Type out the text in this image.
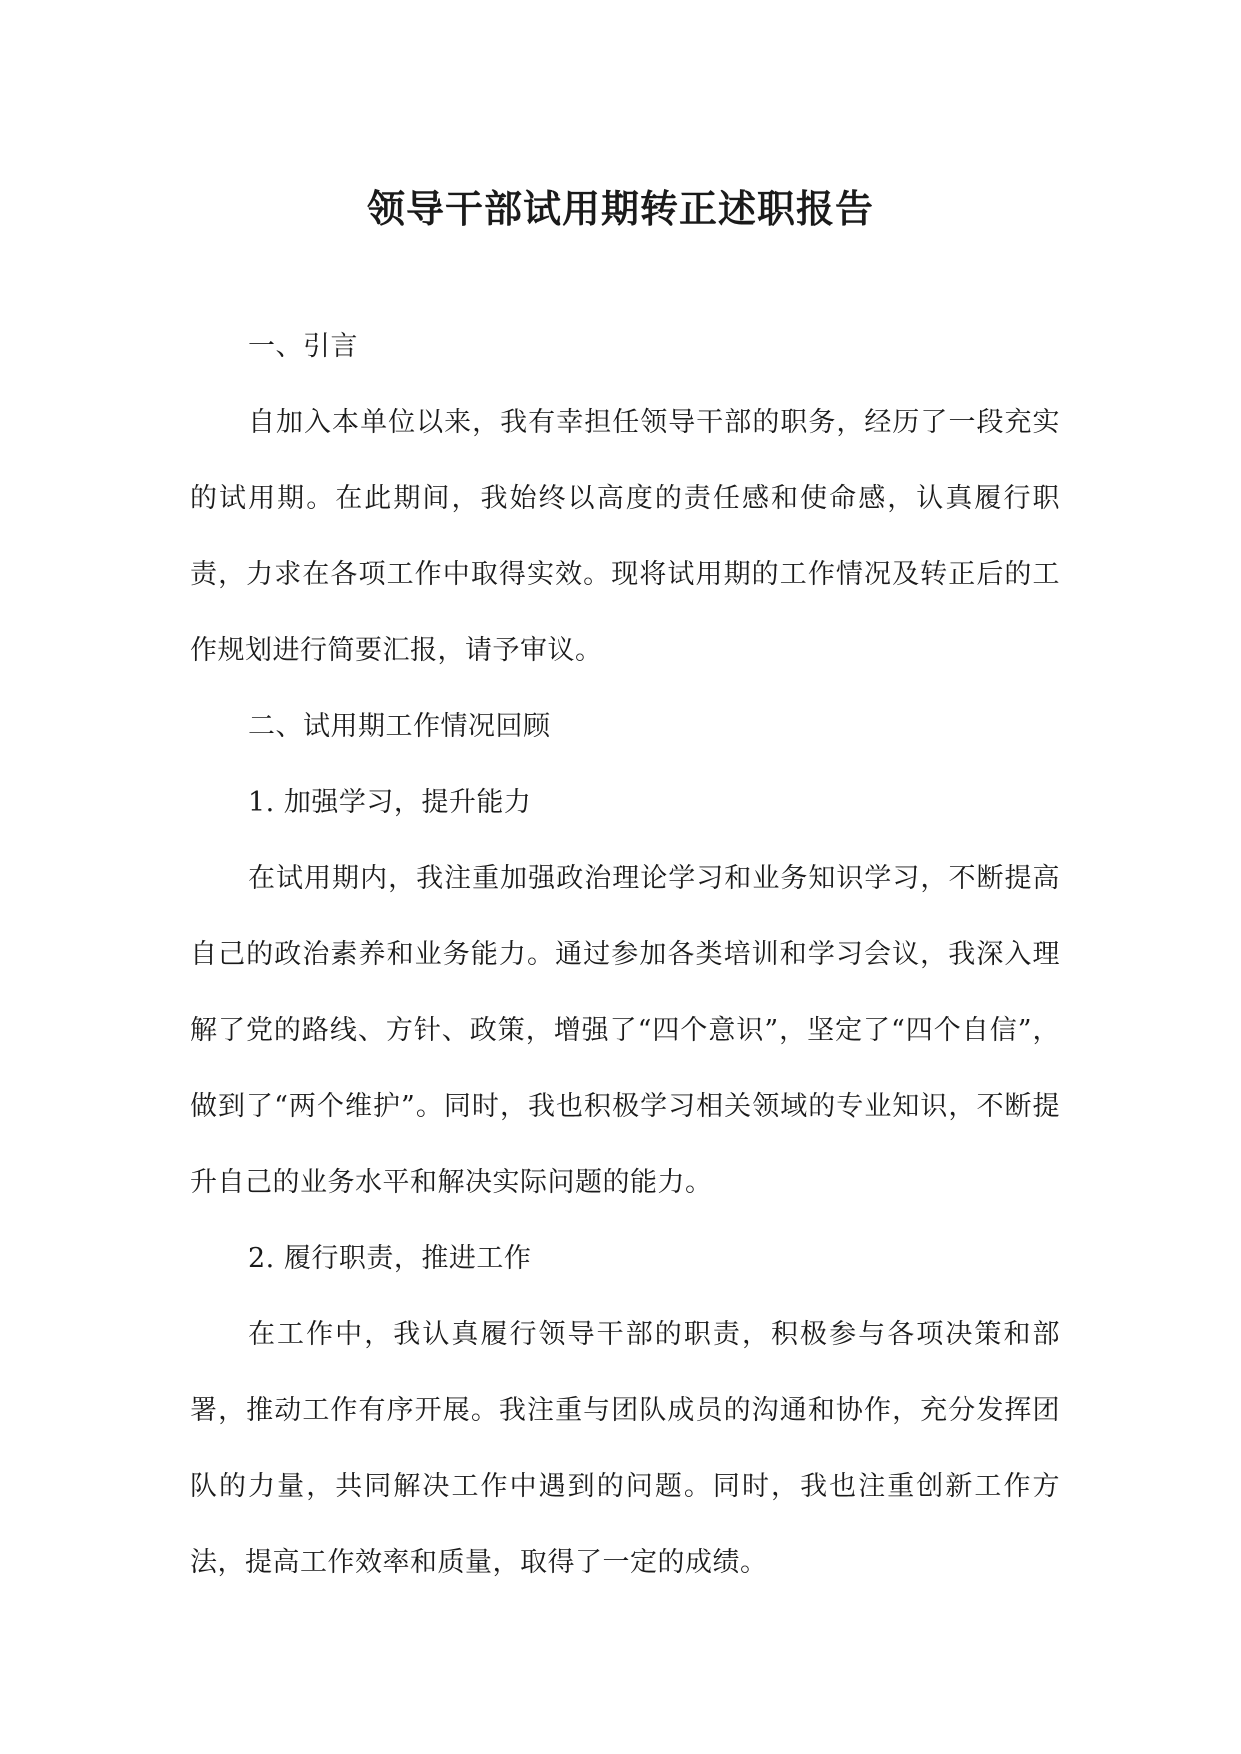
领导干部试用期转正述职报告

一、引言

自加入本单位以来，我有幸担任领导干部的职务，经历了一段充实的试用期。在此期间，我始终以高度的责任感和使命感，认真履行职责，力求在各项工作中取得实效。现将试用期的工作情况及转正后的工作规划进行简要汇报，请予审议。

二、试用期工作情况回顾

1. 加强学习，提升能力

在试用期内，我注重加强政治理论学习和业务知识学习，不断提高自己的政治素养和业务能力。通过参加各类培训和学习会议，我深入理解了党的路线、方针、政策，增强了“四个意识”，坚定了“四个自信”，做到了“两个维护”。同时，我也积极学习相关领域的专业知识，不断提升自己的业务水平和解决实际问题的能力。

2. 履行职责，推进工作

在工作中，我认真履行领导干部的职责，积极参与各项决策和部署，推动工作有序开展。我注重与团队成员的沟通和协作，充分发挥团队的力量，共同解决工作中遇到的问题。同时，我也注重创新工作方法，提高工作效率和质量，取得了一定的成绩。
